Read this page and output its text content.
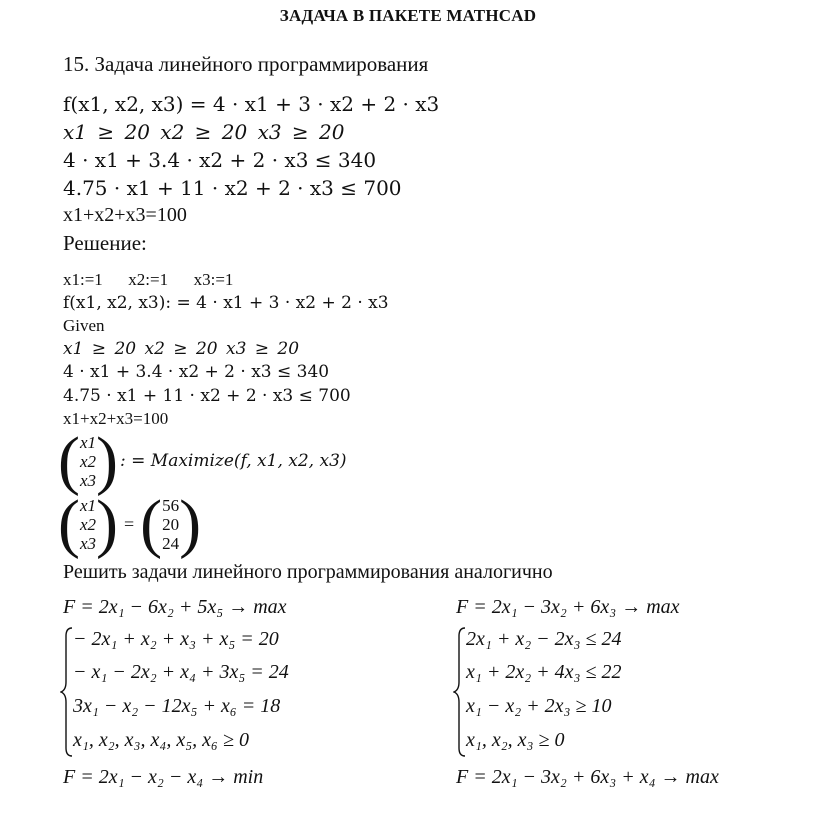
ЗАДАЧА В ПАКЕТЕ MATHCAD
15. Задача линейного программирования
f(x1, x2, x3) = 4 · x1 + 3 · x2 + 2 · x3
x1 ≥ 20 x2 ≥ 20 x3 ≥ 20
4 · x1 + 3.4 · x2 + 2 · x3 ≤ 340
4.75 · x1 + 11 · x2 + 2 · x3 ≤ 700
x1+x2+x3=100
Решение:
x1:=1      x2:=1      x3:=1
f(x1, x2, x3): = 4 · x1 + 3 · x2 + 2 · x3
Given
x1 ≥ 20 x2 ≥ 20 x3 ≥ 20
4 · x1 + 3.4 · x2 + 2 · x3 ≤ 340
4.75 · x1 + 11 · x2 + 2 · x3 ≤ 700
x1+x2+x3=100
( x1
x2
x3 ) : = Maximize(f, x1, x2, x3)
( x1
x2
x3 ) = ( 56
20
24 )
Решить задачи линейного программирования аналогично
F = 2x₁ − 6x₂ + 5x₅ → max
− 2x₁ + x₂ + x₃ + x₅ = 20
− x₁ − 2x₂ + x₄ + 3x₅ = 24
3x₁ − x₂ − 12x₅ + x₆ = 18
x₁, x₂, x₃, x₄, x₅, x₆ ≥ 0
F = 2x₁ − x₂ − x₄ → min
F = 2x₁ − 3x₂ + 6x₃ → max
2x₁ + x₂ − 2x₃ ≤ 24
x₁ + 2x₂ + 4x₃ ≤ 22
x₁ − x₂ + 2x₃ ≥ 10
x₁, x₂, x₃ ≥ 0
F = 2x₁ − 3x₂ + 6x₃ + x₄ → max
